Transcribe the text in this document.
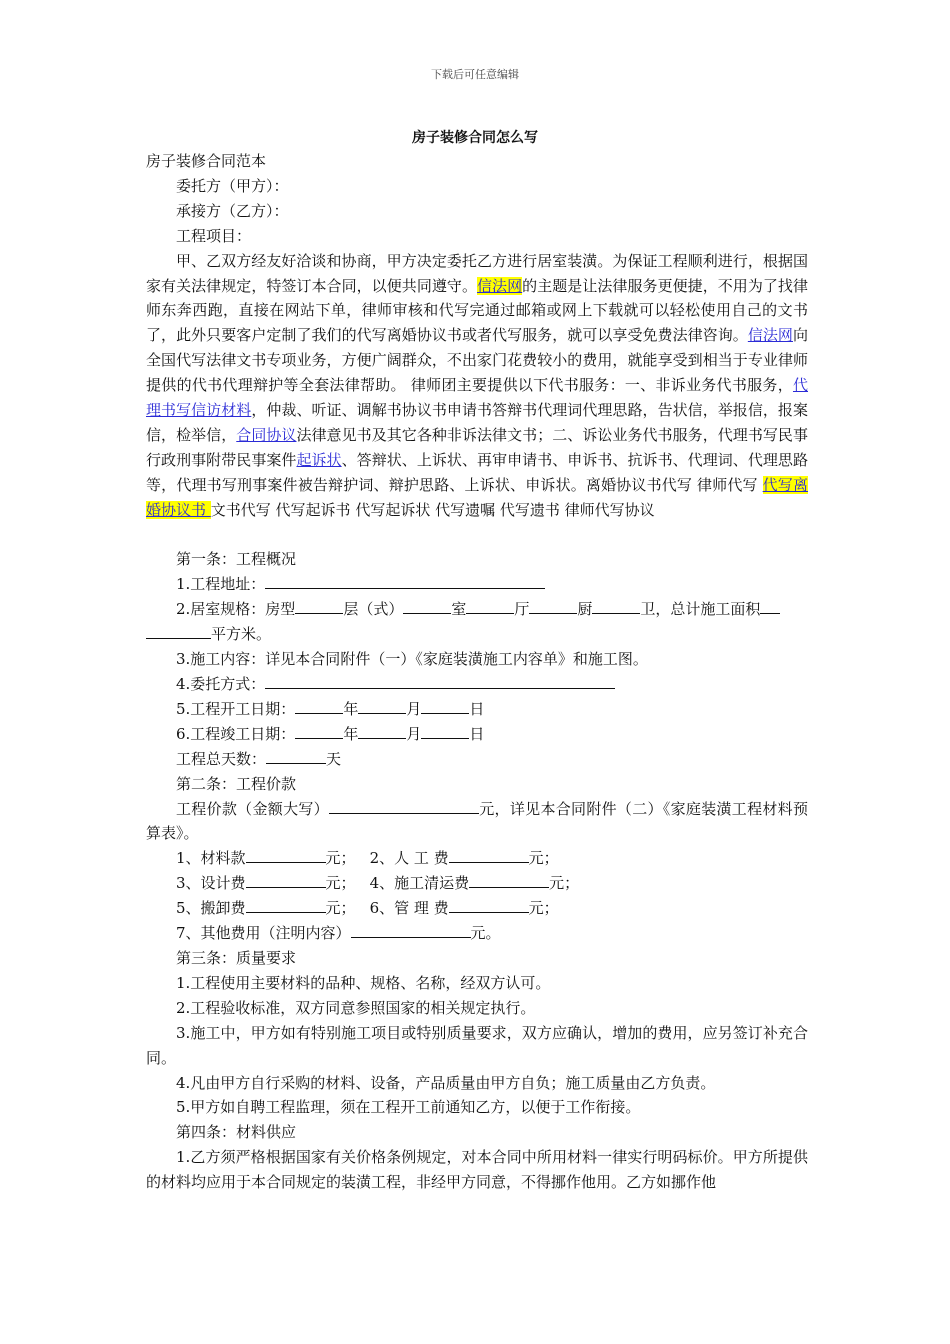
下载后可任意编辑
房子装修合同怎么写

房子装修合同范本

委托方（甲方）：

承接方（乙方）：

工程项目：

甲、乙双方经友好洽谈和协商，甲方决定委托乙方进行居室装潢。为保证工程顺利进行，根据国家有关法律规定，特签订本合同，以便共同遵守。信法网的主题是让法律服务更便捷，不用为了找律师东奔西跑，直接在网站下单，律师审核和代写完通过邮箱或网上下载就可以轻松使用自己的文书了，此外只要客户定制了我们的代写离婚协议书或者代写服务，就可以享受免费法律咨询。信法网向全国代写法律文书专项业务，方便广阔群众，不出家门花费较小的费用，就能享受到相当于专业律师提供的代书代理辩护等全套法律帮助。 律师团主要提供以下代书服务：一、非诉业务代书服务，代理书写信访材料，仲裁、听证、调解书协议书申请书答辩书代理词代理思路，告状信，举报信，报案信，检举信，合同协议法律意见书及其它各种非诉法律文书；二、诉讼业务代书服务，代理书写民事行政刑事附带民事案件起诉状、答辩状、上诉状、再审申请书、申诉书、抗诉书、代理词、代理思路等，代理书写刑事案件被告辩护词、辩护思路、上诉状、申诉状。离婚协议书代写 律师代写 代写离婚协议书 文书代写 代写起诉书 代写起诉状 代写遗嘱 代写遗书 律师代写协议

第一条：工程概况

1.工程地址：

2.居室规格：房型	层（式）	室	厅	厨	卫，总计施工面积

平方米。

3.施工内容：详见本合同附件（一）《家庭装潢施工内容单》和施工图。

4.委托方式：

5.工程开工日期：	年	月	日

6.工程竣工日期：	年	月	日

工程总天数：	天

第二条：工程价款

工程价款（金额大写）	元，详见本合同附件（二）《家庭装潢工程材料预算表》。

1、材料款	元； 2、人 工 费	元；

3、设计费	元； 4、施工清运费	元；

5、搬卸费	元； 6、管 理 费	元；

7、其他费用（注明内容）	元。

第三条：质量要求

1.工程使用主要材料的品种、规格、名称，经双方认可。

2.工程验收标准，双方同意参照国家的相关规定执行。

3.施工中，甲方如有特别施工项目或特别质量要求，双方应确认，增加的费用，应另签订补充合同。

4.凡由甲方自行采购的材料、设备，产品质量由甲方自负；施工质量由乙方负责。

5.甲方如自聘工程监理，须在工程开工前通知乙方，以便于工作衔接。

第四条：材料供应

1.乙方须严格根据国家有关价格条例规定，对本合同中所用材料一律实行明码标价。甲方所提供的材料均应用于本合同规定的装潢工程，非经甲方同意，不得挪作他用。乙方如挪作他
